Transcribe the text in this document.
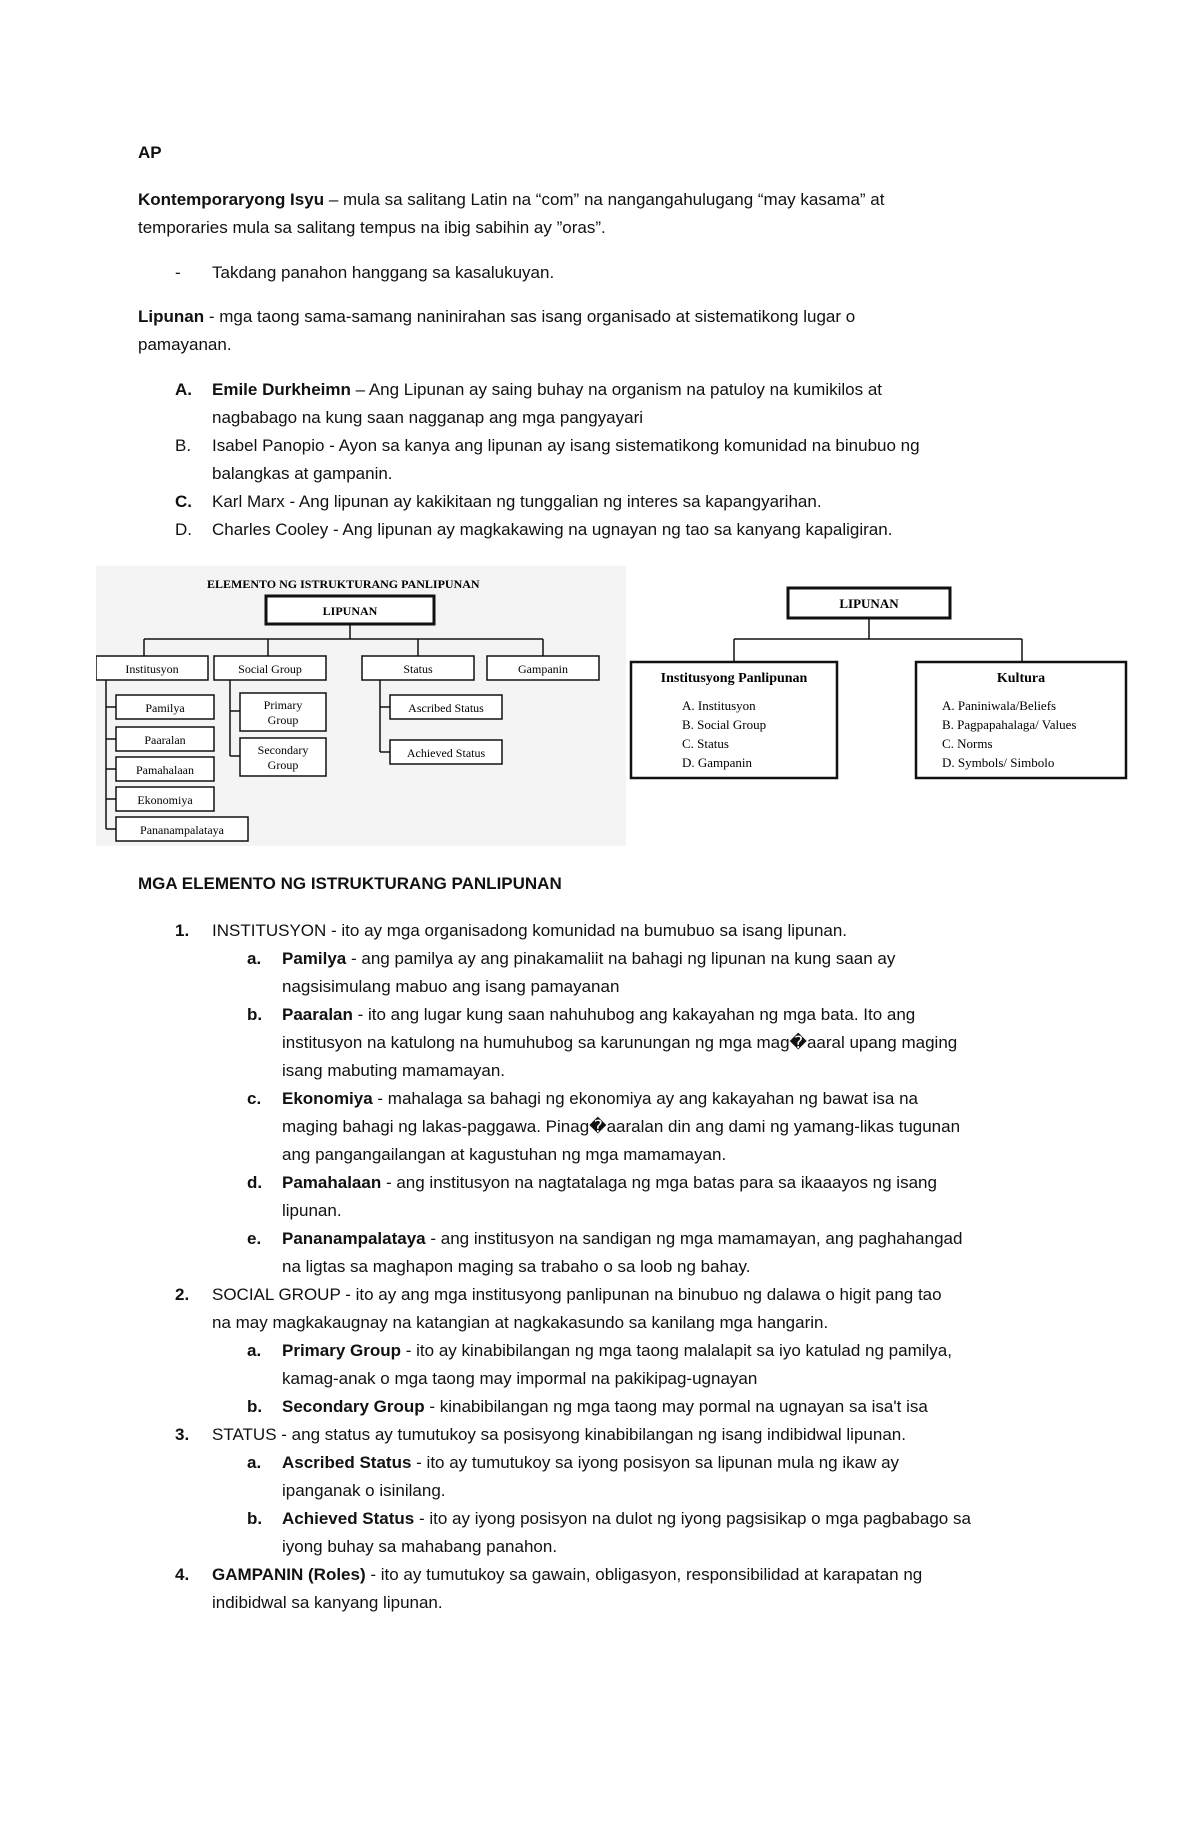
AP
Kontemporaryong Isyu – mula sa salitang Latin na “com” na nangangahulugang “may kasama” at
temporaries mula sa salitang tempus na ibig sabihin ay ”oras”.
- Takdang panahon hanggang sa kasalukuyan.
Lipunan - mga taong sama-samang naninirahan sas isang organisado at sistematikong lugar o
pamayanan.
A. Emile Durkheimn – Ang Lipunan ay saing buhay na organism na patuloy na kumikilos at
nagbabago na kung saan nagganap ang mga pangyayari
B. Isabel Panopio - Ayon sa kanya ang lipunan ay isang sistematikong komunidad na binubuo ng
balangkas at gampanin.
C. Karl Marx - Ang lipunan ay kakikitaan ng tunggalian ng interes sa kapangyarihan.
D. Charles Cooley - Ang lipunan ay magkakawing na ugnayan ng tao sa kanyang kapaligiran.
ELEMENTO NG ISTRUKTURANG PANLIPUNAN
LIPUNAN
Institusyon	Social Group	Status	Gampanin
Pamilya
Paaralan
Pamahalaan
Ekonomiya
Pananampalataya
Primary
Group
Secondary
Group
Ascribed Status
Achieved Status
LIPUNAN
Institusyong Panlipunan
A. Institusyon
B. Social Group
C. Status
D. Gampanin
Kultura
A. Paniniwala/Beliefs
B. Pagpapahalaga/ Values
C. Norms
D. Symbols/ Simbolo
MGA ELEMENTO NG ISTRUKTURANG PANLIPUNAN
1. INSTITUSYON - ito ay mga organisadong komunidad na bumubuo sa isang lipunan.
a. Pamilya - ang pamilya ay ang pinakamaliit na bahagi ng lipunan na kung saan ay
nagsisimulang mabuo ang isang pamayanan
b. Paaralan - ito ang lugar kung saan nahuhubog ang kakayahan ng mga bata. Ito ang
institusyon na katulong na humuhubog sa karunungan ng mga mag�aaral upang maging
isang mabuting mamamayan.
c. Ekonomiya - mahalaga sa bahagi ng ekonomiya ay ang kakayahan ng bawat isa na
maging bahagi ng lakas-paggawa. Pinag�aaralan din ang dami ng yamang-likas tugunan
ang pangangailangan at kagustuhan ng mga mamamayan.
d. Pamahalaan - ang institusyon na nagtatalaga ng mga batas para sa ikaaayos ng isang
lipunan.
e. Pananampalataya - ang institusyon na sandigan ng mga mamamayan, ang paghahangad
na ligtas sa maghapon maging sa trabaho o sa loob ng bahay.
2. SOCIAL GROUP - ito ay ang mga institusyong panlipunan na binubuo ng dalawa o higit pang tao
na may magkakaugnay na katangian at nagkakasundo sa kanilang mga hangarin.
a. Primary Group - ito ay kinabibilangan ng mga taong malalapit sa iyo katulad ng pamilya,
kamag-anak o mga taong may impormal na pakikipag-ugnayan
b. Secondary Group - kinabibilangan ng mga taong may pormal na ugnayan sa isa't isa
3. STATUS - ang status ay tumutukoy sa posisyong kinabibilangan ng isang indibidwal lipunan.
a. Ascribed Status - ito ay tumutukoy sa iyong posisyon sa lipunan mula ng ikaw ay
ipanganak o isinilang.
b. Achieved Status - ito ay iyong posisyon na dulot ng iyong pagsisikap o mga pagbabago sa
iyong buhay sa mahabang panahon.
4. GAMPANIN (Roles) - ito ay tumutukoy sa gawain, obligasyon, responsibilidad at karapatan ng
indibidwal sa kanyang lipunan.
